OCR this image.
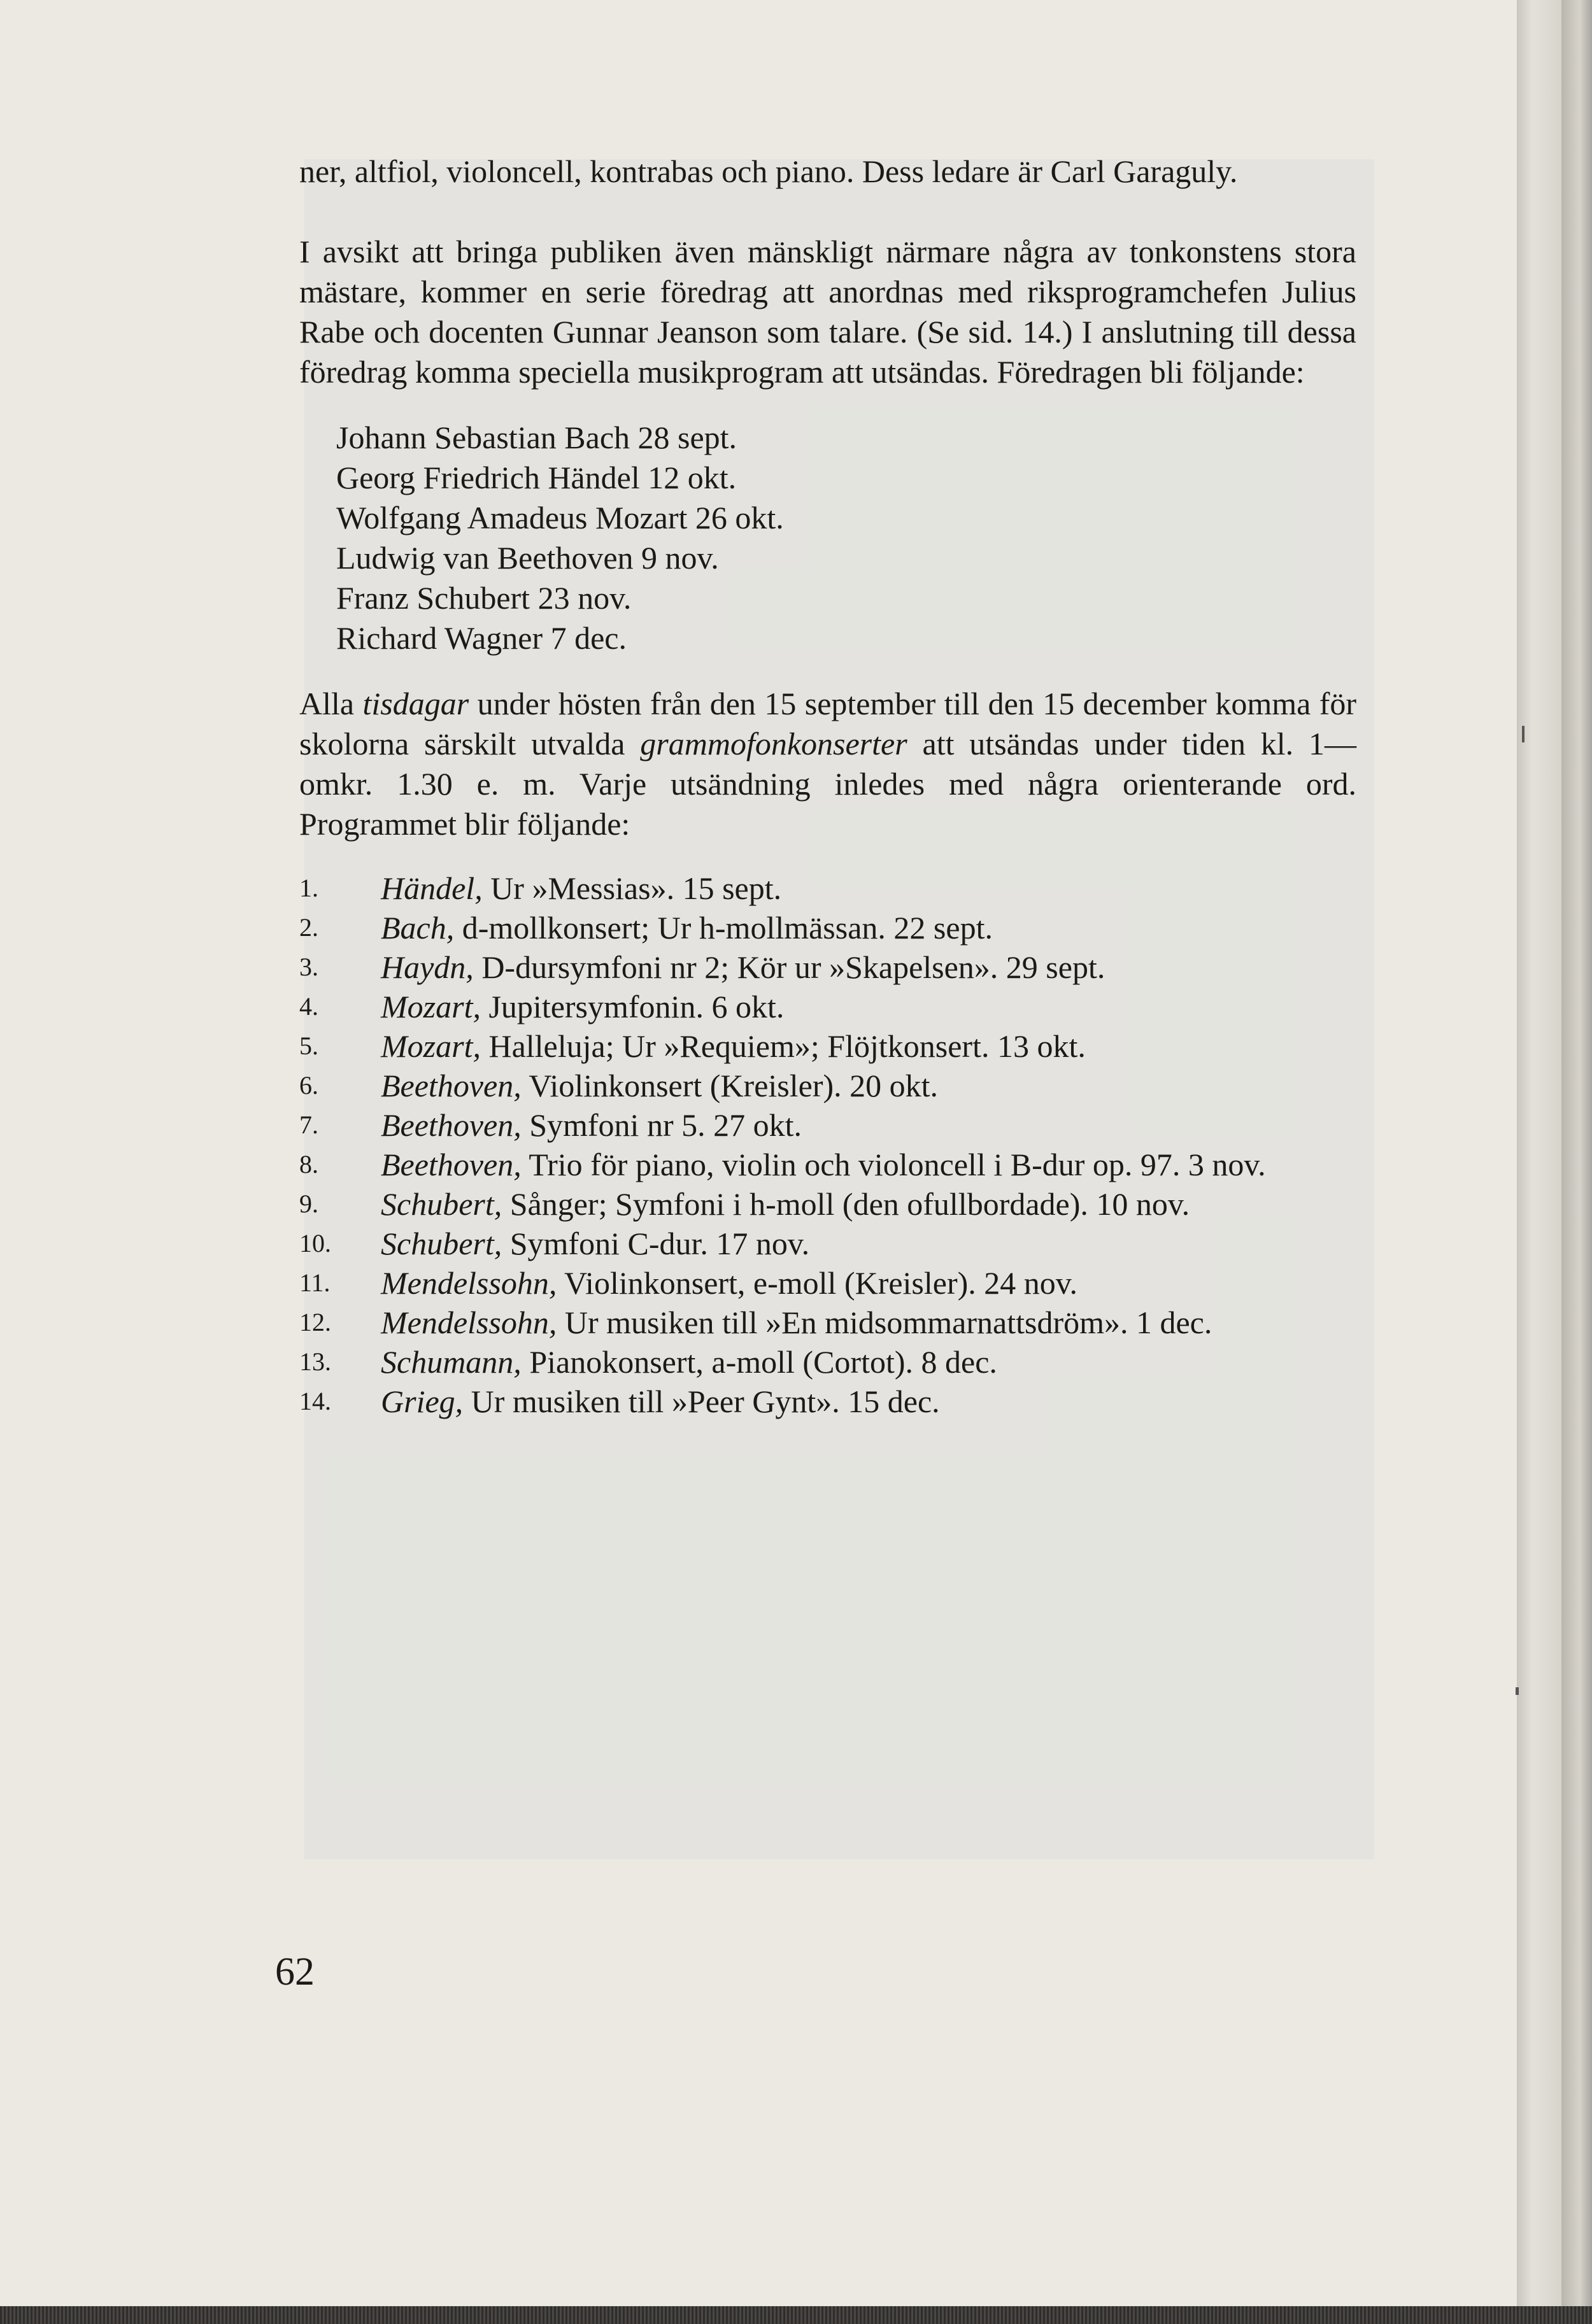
ner, altfiol, violoncell, kontrabas och piano. Dess ledare är Carl Garaguly.

I avsikt att bringa publiken även mänskligt närmare några av tonkonstens stora mästare, kommer en serie föredrag att anordnas med riksprogramchefen Julius Rabe och docenten Gunnar Jeanson som talare. (Se sid. 14.) I anslutning till dessa föredrag komma speciella musikprogram att utsändas. Föredragen bli följande:

Johann Sebastian Bach 28 sept.
Georg Friedrich Händel 12 okt.
Wolfgang Amadeus Mozart 26 okt.
Ludwig van Beethoven 9 nov.
Franz Schubert 23 nov.
Richard Wagner 7 dec.

Alla tisdagar under hösten från den 15 september till den 15 december komma för skolorna särskilt utvalda grammofonkonserter att utsändas under tiden kl. 1— omkr. 1.30 e. m. Varje utsändning inledes med några orienterande ord. Programmet blir följande:

1. Händel, Ur »Messias». 15 sept.
2. Bach, d-mollkonsert; Ur h-mollmässan. 22 sept.
3. Haydn, D-dursymfoni nr 2; Kör ur »Skapelsen». 29 sept.
4. Mozart, Jupitersymfonin. 6 okt.
5. Mozart, Halleluja; Ur »Requiem»; Flöjtkonsert. 13 okt.
6. Beethoven, Violinkonsert (Kreisler). 20 okt.
7. Beethoven, Symfoni nr 5. 27 okt.
8. Beethoven, Trio för piano, violin och violoncell i B-dur op. 97. 3 nov.
9. Schubert, Sånger; Symfoni i h-moll (den ofullbordade). 10 nov.
10. Schubert, Symfoni C-dur. 17 nov.
11. Mendelssohn, Violinkonsert, e-moll (Kreisler). 24 nov.
12. Mendelssohn, Ur musiken till »En midsommarnattsdröm». 1 dec.
13. Schumann, Pianokonsert, a-moll (Cortot). 8 dec.
14. Grieg, Ur musiken till »Peer Gynt». 15 dec.
62
